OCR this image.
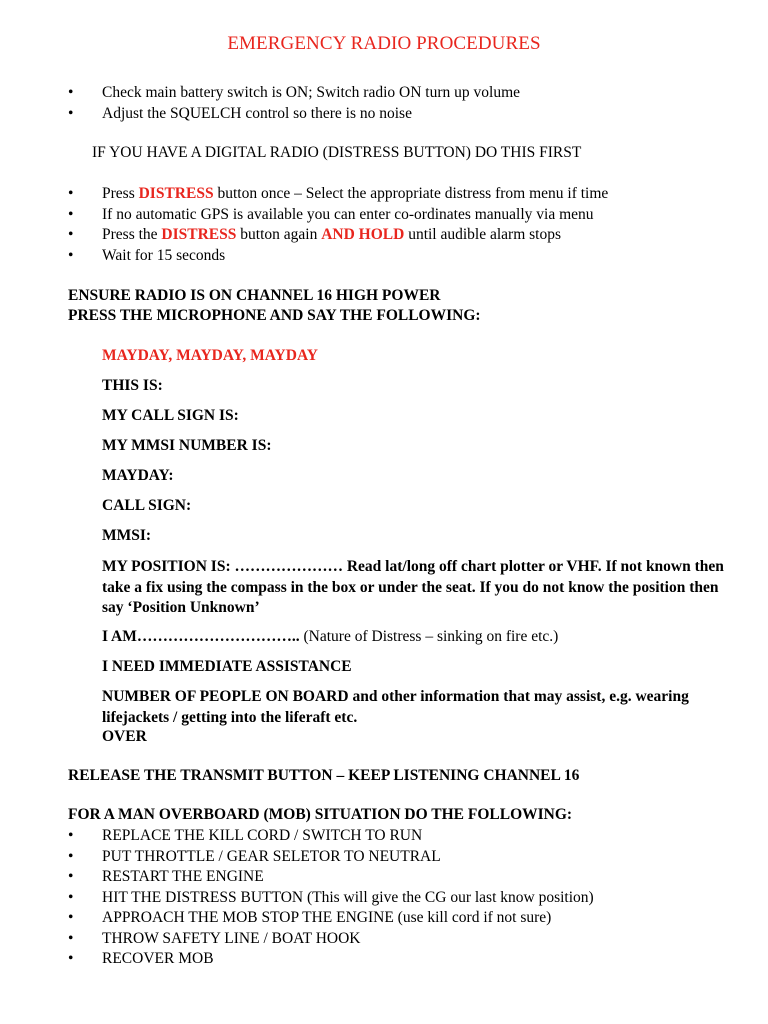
EMERGENCY RADIO PROCEDURES
• Check main battery switch is ON; Switch radio ON turn up volume
• Adjust the SQUELCH control so there is no noise
IF YOU HAVE A DIGITAL RADIO (DISTRESS BUTTON) DO THIS FIRST
• Press DISTRESS button once – Select the appropriate distress from menu if time
• If no automatic GPS is available you can enter co-ordinates manually via menu
• Press the DISTRESS button again AND HOLD until audible alarm stops
• Wait for 15 seconds
ENSURE RADIO IS ON CHANNEL 16 HIGH POWER
PRESS THE MICROPHONE AND SAY THE FOLLOWING:
MAYDAY, MAYDAY, MAYDAY
THIS IS:
MY CALL SIGN IS:
MY MMSI NUMBER IS:
MAYDAY:
CALL SIGN:
MMSI:
MY POSITION IS: ………………… Read lat/long off chart plotter or VHF. If not known then take a fix using the compass in the box or under the seat. If you do not know the position then say ‘Position Unknown’
I AM………………………….. (Nature of Distress – sinking on fire etc.)
I NEED IMMEDIATE ASSISTANCE
NUMBER OF PEOPLE ON BOARD and other information that may assist, e.g. wearing lifejackets / getting into the liferaft etc.
OVER
RELEASE THE TRANSMIT BUTTON – KEEP LISTENING CHANNEL 16
FOR A MAN OVERBOARD (MOB) SITUATION DO THE FOLLOWING:
• REPLACE THE KILL CORD / SWITCH TO RUN
• PUT THROTTLE / GEAR SELETOR TO NEUTRAL
• RESTART THE ENGINE
• HIT THE DISTRESS BUTTON (This will give the CG our last know position)
• APPROACH THE MOB STOP THE ENGINE (use kill cord if not sure)
• THROW SAFETY LINE / BOAT HOOK
• RECOVER MOB
